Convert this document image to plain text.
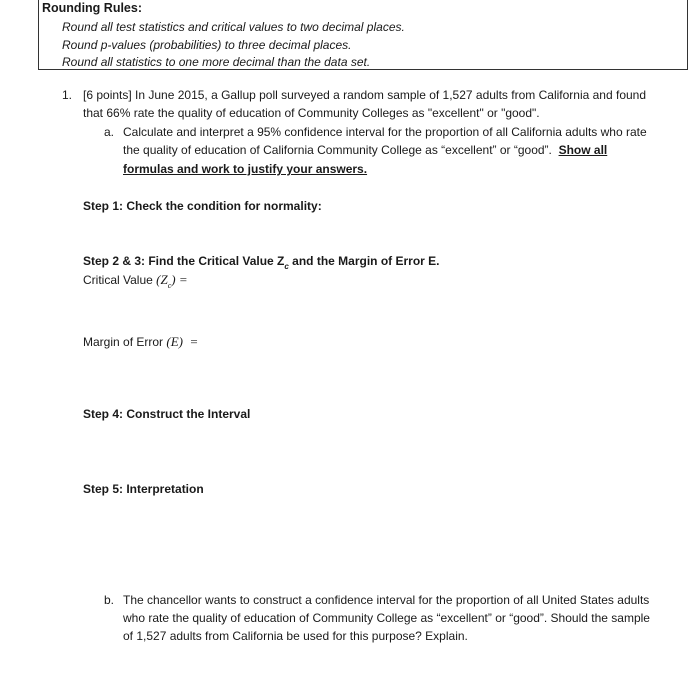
Rounding Rules:
Round all test statistics and critical values to two decimal places.
Round p-values (probabilities) to three decimal places.
Round all statistics to one more decimal than the data set.
1. [6 points] In June 2015, a Gallup poll surveyed a random sample of 1,527 adults from California and found
that 66% rate the quality of education of Community Colleges as "excellent" or "good".
a. Calculate and interpret a 95% confidence interval for the proportion of all California adults who rate
the quality of education of California Community College as “excellent” or “good”. Show all
formulas and work to justify your answers.
Step 1: Check the condition for normality:
Step 2 & 3: Find the Critical Value $Z_c$ and the Margin of Error E.
Critical Value $(Z_c)$ =
Margin of Error (E)  =
Step 4: Construct the Interval
Step 5: Interpretation
b. The chancellor wants to construct a confidence interval for the proportion of all United States adults
who rate the quality of education of Community College as “excellent” or “good”. Should the sample
of 1,527 adults from California be used for this purpose? Explain.
